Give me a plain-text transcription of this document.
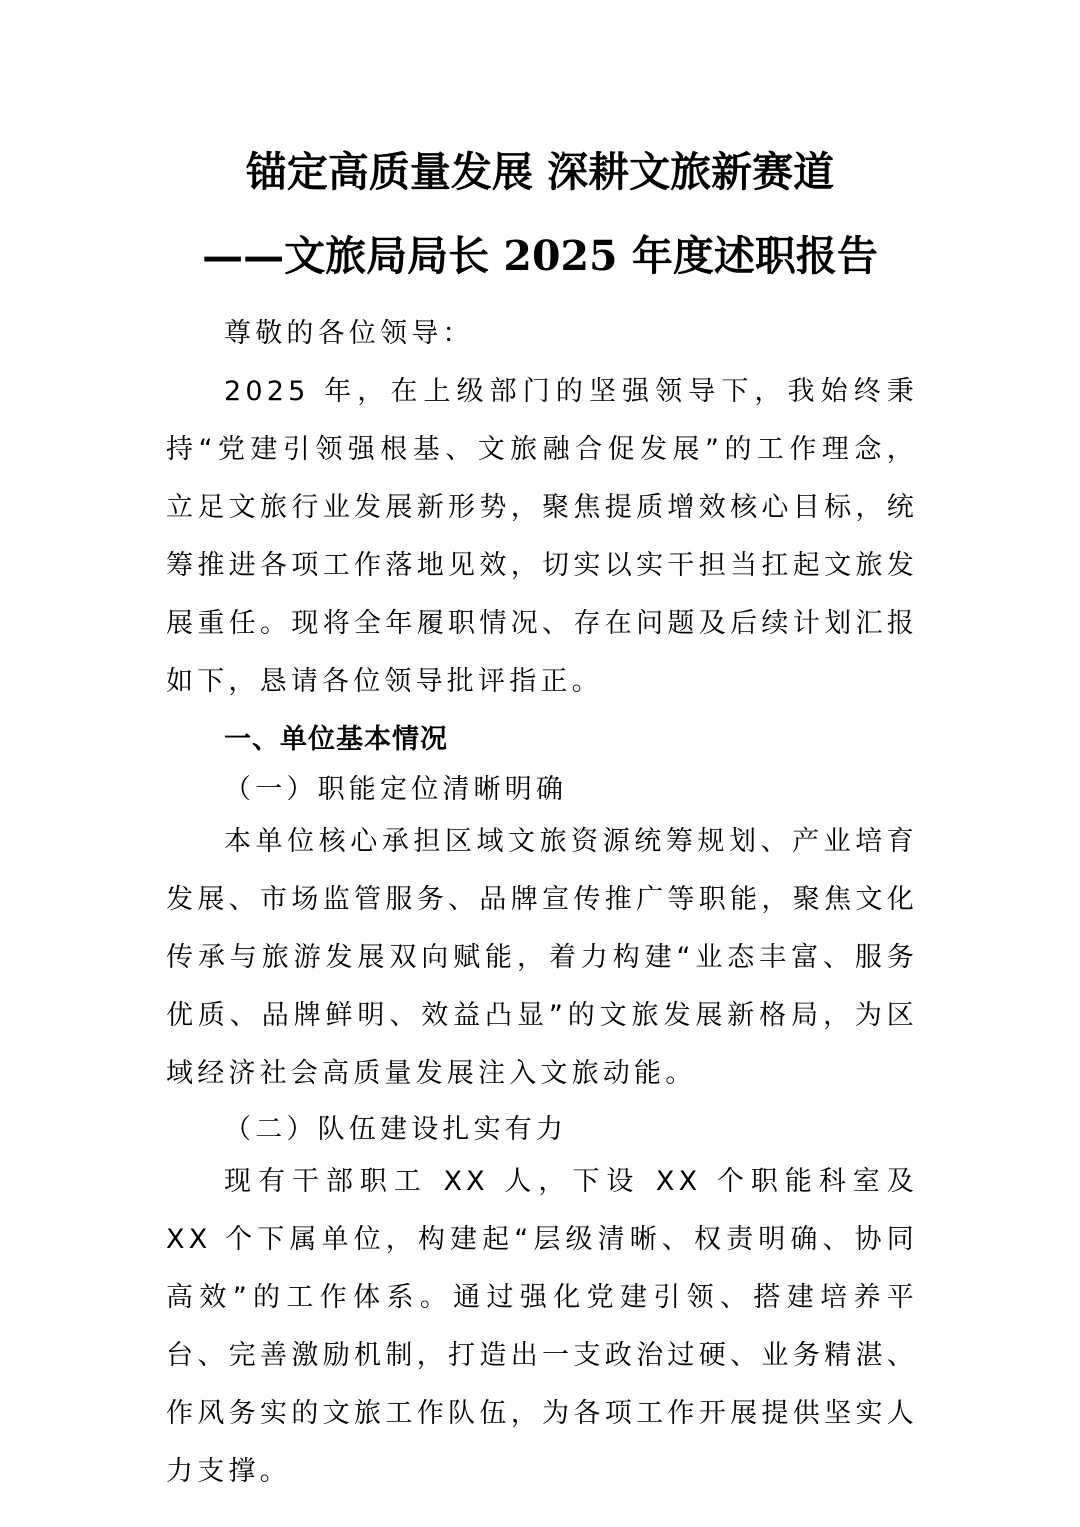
锚定高质量发展 深耕文旅新赛道
——文旅局局长 2025 年度述职报告

尊敬的各位领导：

2025 年，在上级部门的坚强领导下，我始终秉持“党建引领强根基、文旅融合促发展”的工作理念，立足文旅行业发展新形势，聚焦提质增效核心目标，统筹推进各项工作落地见效，切实以实干担当扛起文旅发展重任。现将全年履职情况、存在问题及后续计划汇报如下，恳请各位领导批评指正。

一、单位基本情况
（一）职能定位清晰明确

本单位核心承担区域文旅资源统筹规划、产业培育发展、市场监管服务、品牌宣传推广等职能，聚焦文化传承与旅游发展双向赋能，着力构建“业态丰富、服务优质、品牌鲜明、效益凸显”的文旅发展新格局，为区域经济社会高质量发展注入文旅动能。

（二）队伍建设扎实有力

现有干部职工 XX 人，下设 XX 个职能科室及 XX 个下属单位，构建起“层级清晰、权责明确、协同高效”的工作体系。通过强化党建引领、搭建培养平台、完善激励机制，打造出一支政治过硬、业务精湛、作风务实的文旅工作队伍，为各项工作开展提供坚实人力支撑。
